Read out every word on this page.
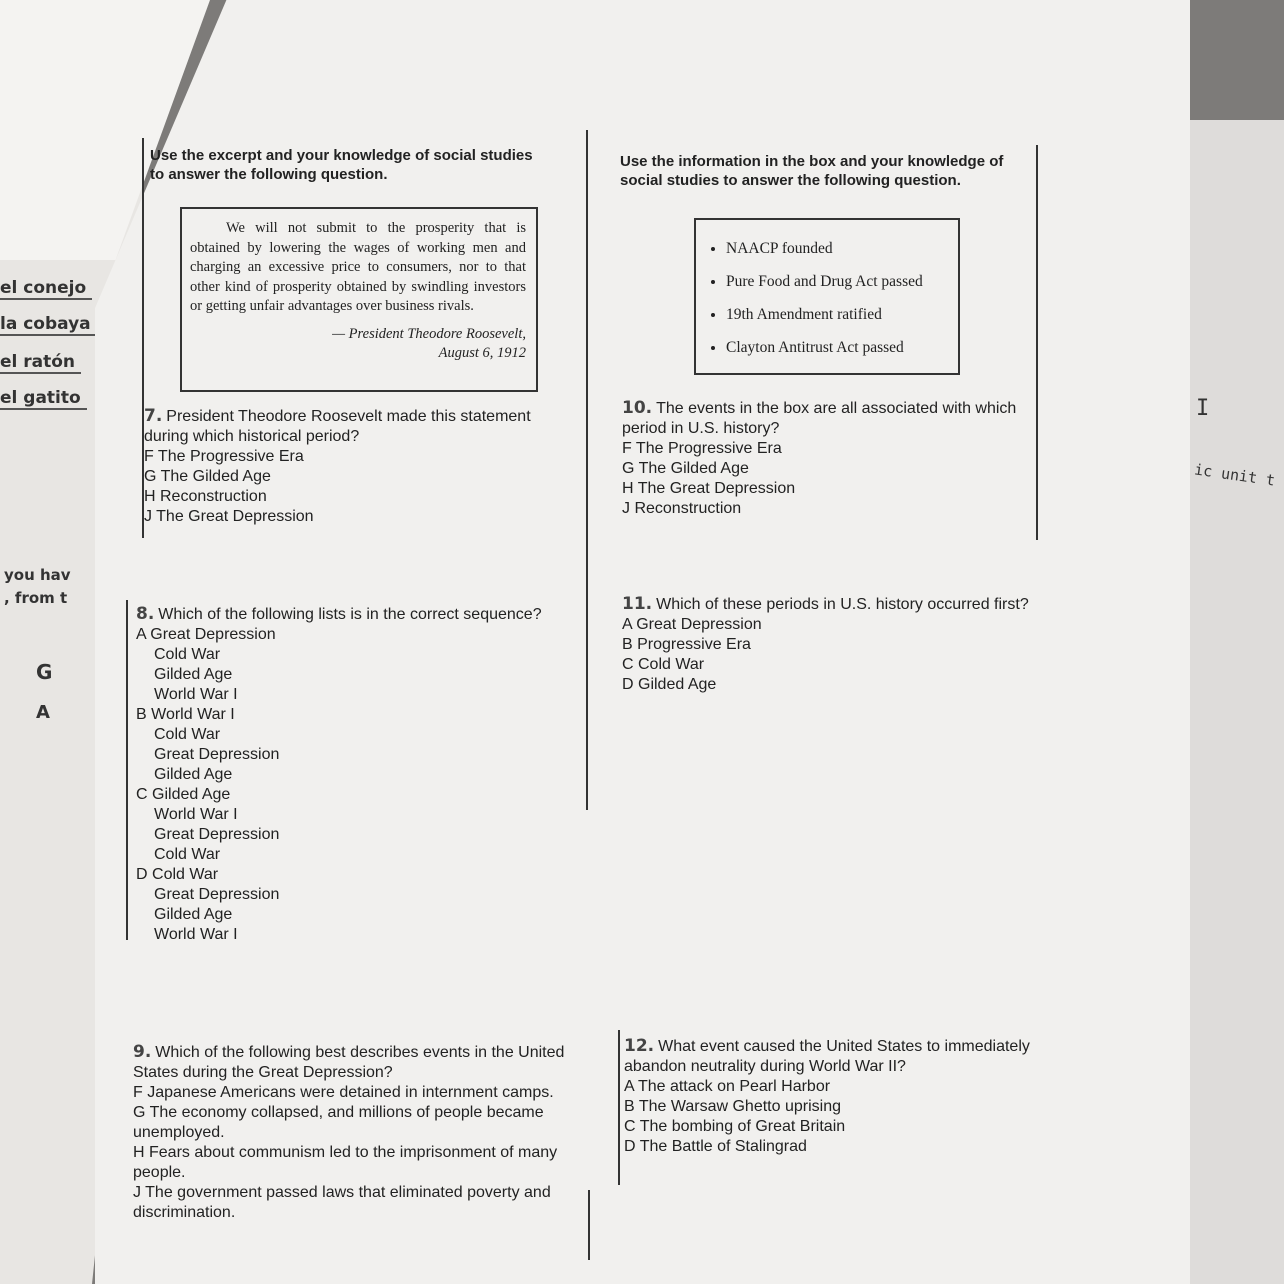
el conejo
la cobaya
el ratón
el gatito
you hav
, from t
G
A
I
ic unit t
Use the excerpt and your knowledge of social studies to answer the following question.

We will not submit to the prosperity that is obtained by lowering the wages of working men and charging an excessive price to consumers, nor to that other kind of prosperity obtained by swindling investors or getting unfair advantages over business rivals.

— President Theodore Roosevelt,
August 6, 1912
7. President Theodore Roosevelt made this statement during which historical period?
F The Progressive Era
G The Gilded Age
H Reconstruction
J The Great Depression
Use the information in the box and your knowledge of social studies to answer the following question.
• NAACP founded
• Pure Food and Drug Act passed
• 19th Amendment ratified
• Clayton Antitrust Act passed
10. The events in the box are all associated with which period in U.S. history?
F The Progressive Era
G The Gilded Age
H The Great Depression
J Reconstruction
8. Which of the following lists is in the correct sequence?
A Great Depression
Cold War
Gilded Age
World War I
B World War I
Cold War
Great Depression
Gilded Age
C Gilded Age
World War I
Great Depression
Cold War
D Cold War
Great Depression
Gilded Age
World War I
11. Which of these periods in U.S. history occurred first?
A Great Depression
B Progressive Era
C Cold War
D Gilded Age
9. Which of the following best describes events in the United States during the Great Depression?
F Japanese Americans were detained in internment camps.
G The economy collapsed, and millions of people became unemployed.
H Fears about communism led to the imprisonment of many people.
J The government passed laws that eliminated poverty and discrimination.
12. What event caused the United States to immediately abandon neutrality during World War II?
A The attack on Pearl Harbor
B The Warsaw Ghetto uprising
C The bombing of Great Britain
D The Battle of Stalingrad
